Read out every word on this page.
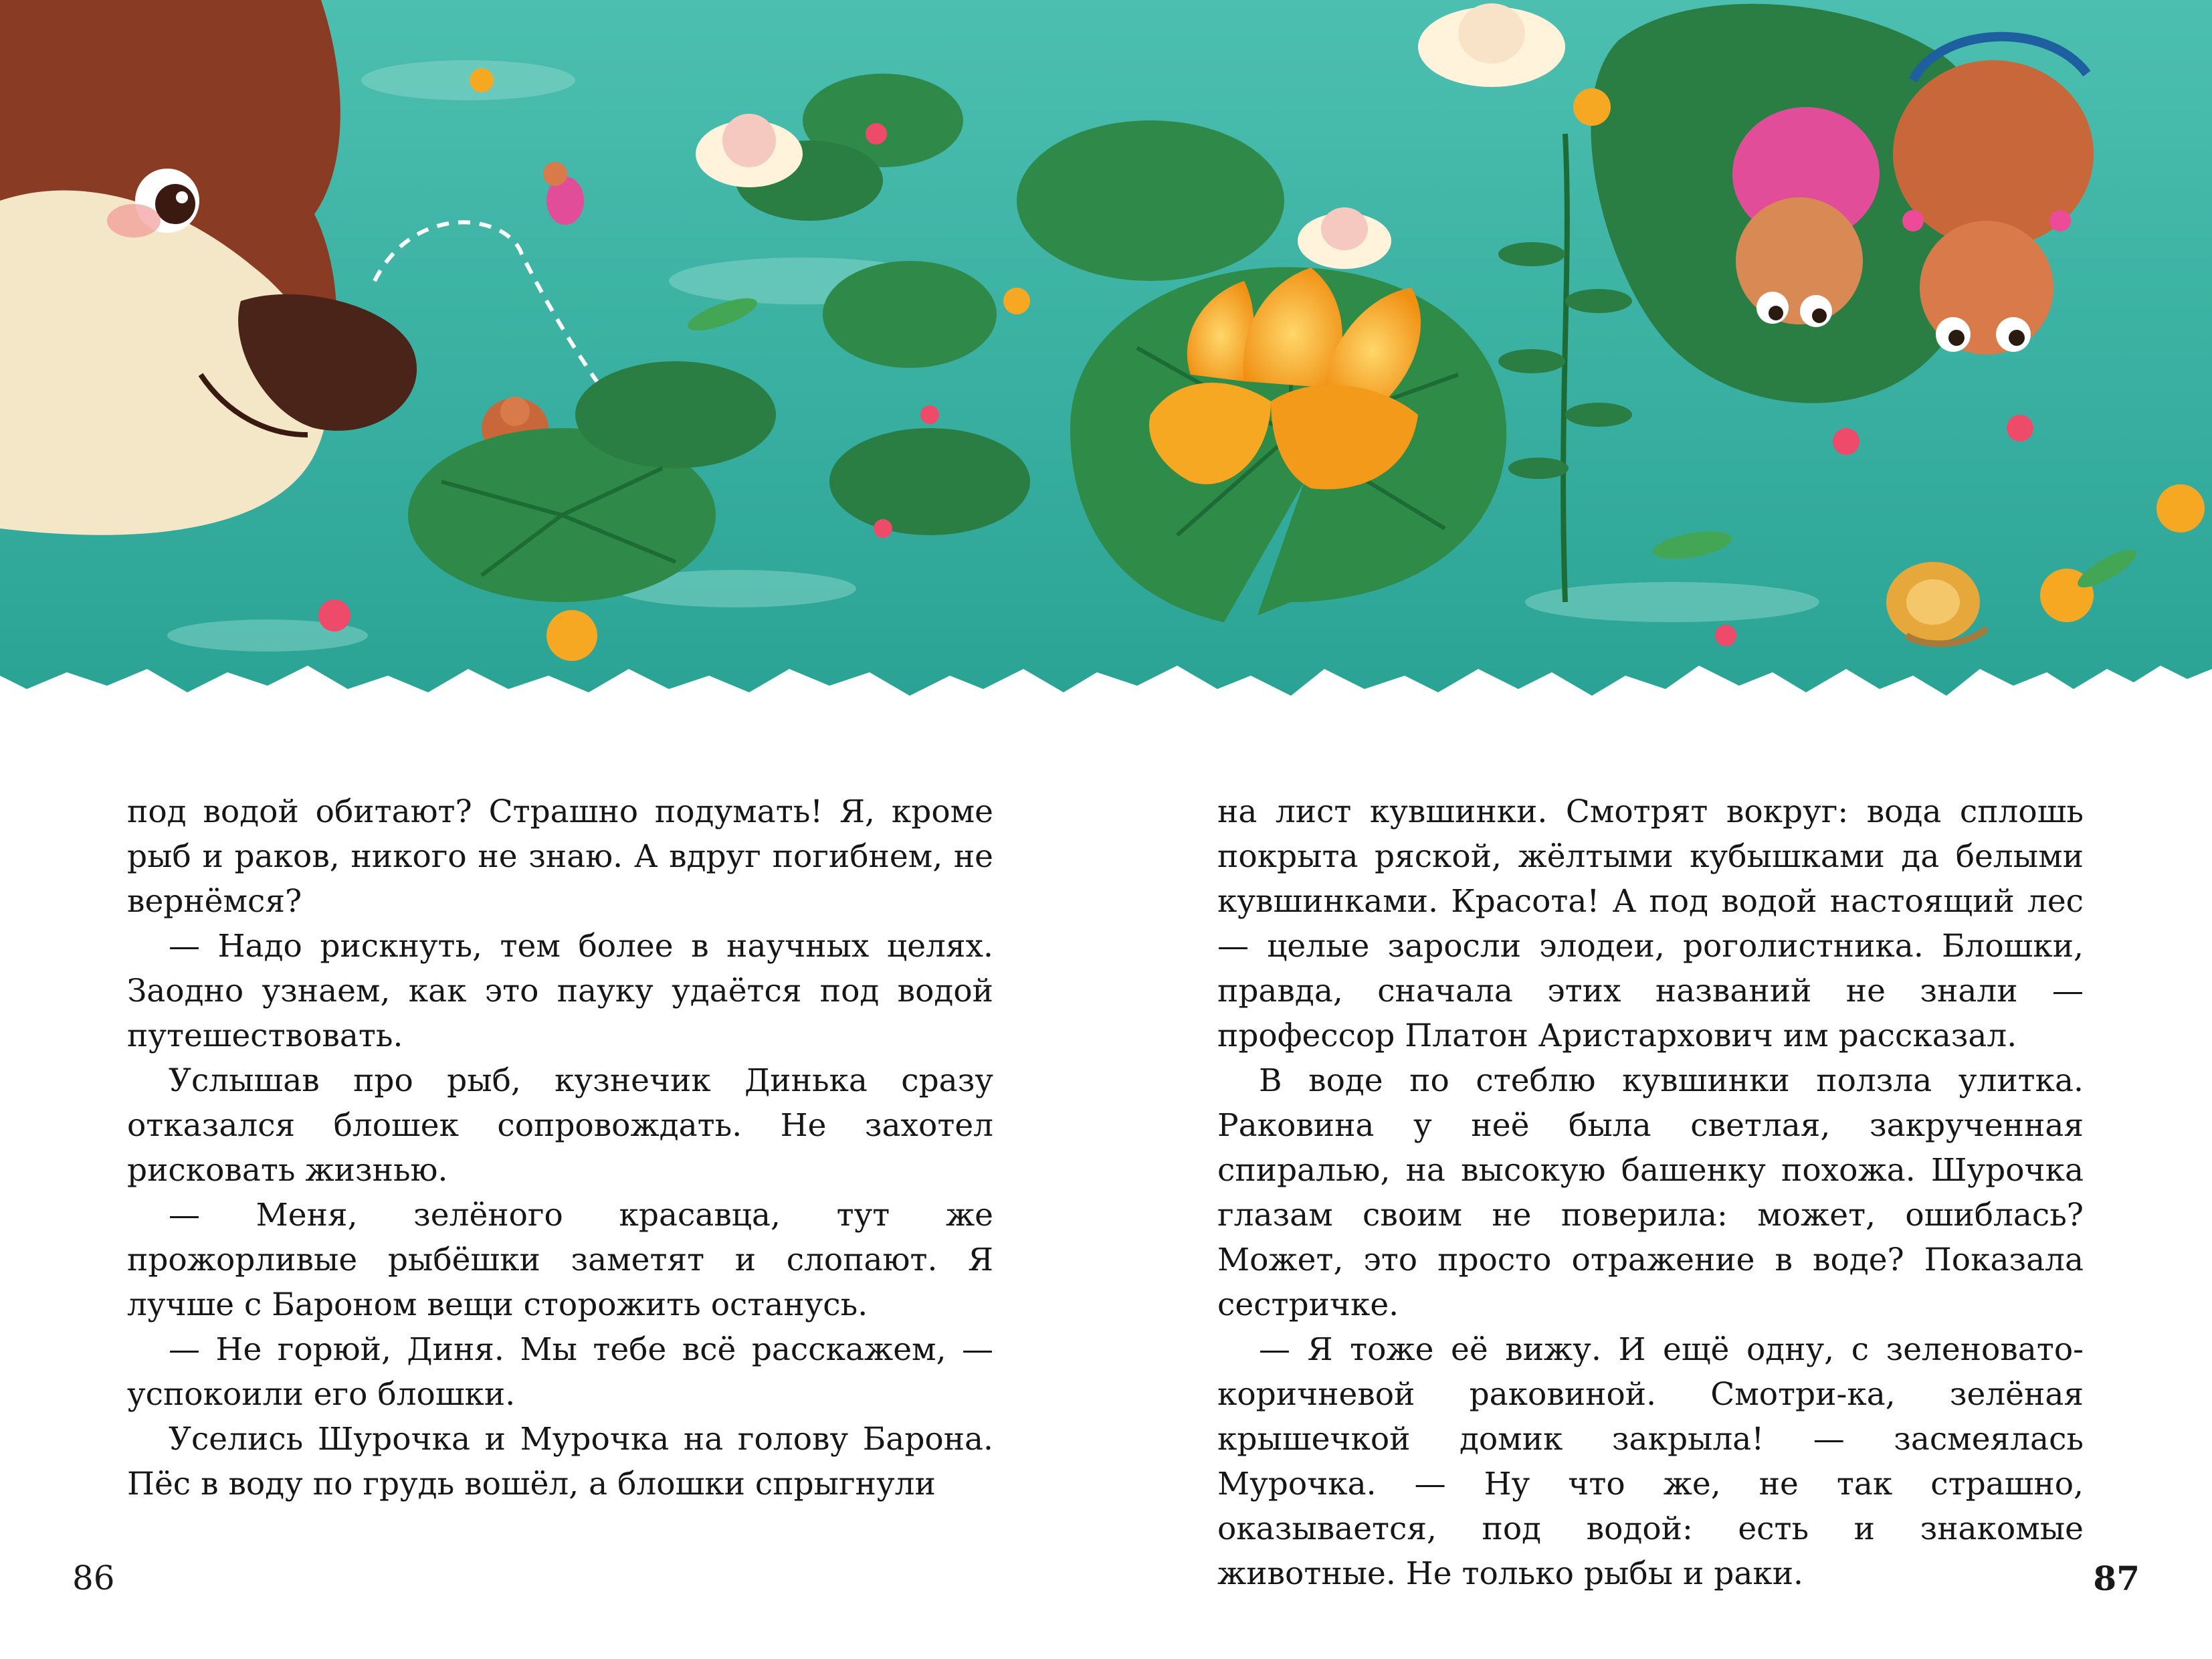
под водой обитают? Страшно подумать! Я, кроме рыб и раков, никого не знаю. А вдруг погибнем, не вернёмся?

— Надо рискнуть, тем более в научных целях. Заодно узнаем, как это пауку удаётся под водой путешествовать.

Услышав про рыб, кузнечик Динька сразу отказался блошек сопровождать. Не захотел рисковать жизнью.

— Меня, зелёного красавца, тут же прожорливые рыбёшки заметят и слопают. Я лучше с Бароном вещи сторожить останусь.

— Не горюй, Диня. Мы тебе всё расскажем, — успокоили его блошки.

Уселись Шурочка и Мурочка на голову Барона. Пёс в воду по грудь вошёл, а блошки спрыгнули

на лист кувшинки. Смотрят вокруг: вода сплошь покрыта ряской, жёлтыми кубышками да белыми кувшинками. Красота! А под водой настоящий лес — целые заросли элодеи, роголистника. Блошки, правда, сначала этих названий не знали — профессор Платон Аристархович им рассказал.

В воде по стеблю кувшинки ползла улитка. Раковина у неё была светлая, закрученная спиралью, на высокую башенку похожа. Шурочка глазам своим не поверила: может, ошиблась? Может, это просто отражение в воде? Показала сестричке.

— Я тоже её вижу. И ещё одну, с зеленовато-коричневой раковиной. Смотри-ка, зелёная крышечкой домик закрыла! — засмеялась Мурочка. — Ну что же, не так страшно, оказывается, под водой: есть и знакомые животные. Не только рыбы и раки.

86	87
